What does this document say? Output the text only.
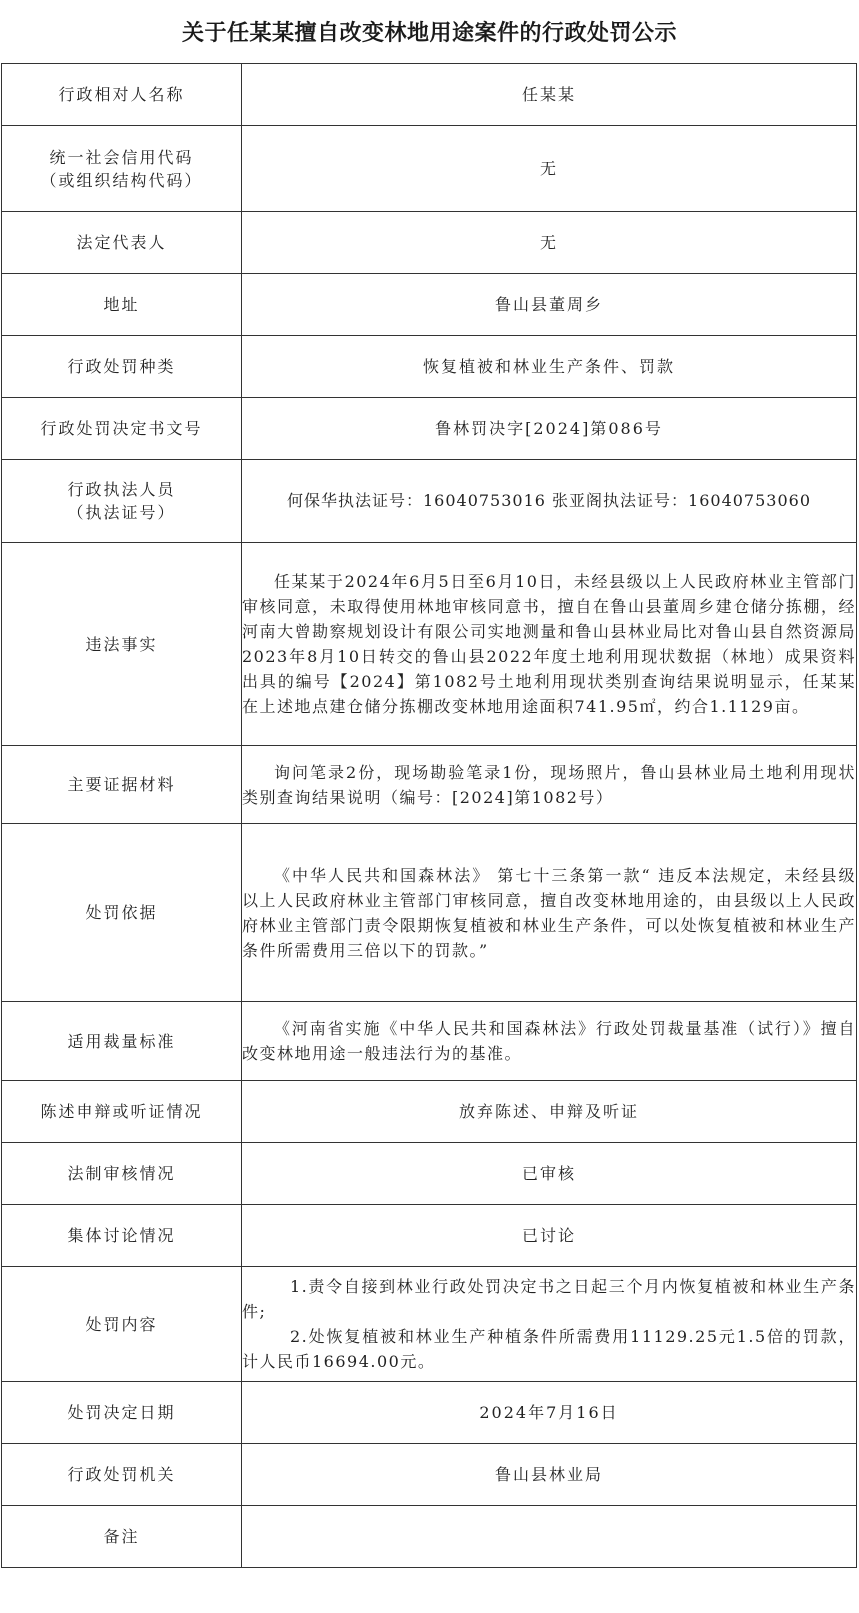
关于任某某擅自改变林地用途案件的行政处罚公示
行政相对人名称	任某某

统一社会信用代码
（或组织结构代码）	无
法定代表人	无
地址	鲁山县董周乡
行政处罚种类	恢复植被和林业生产条件、罚款
行政处罚决定书文号	鲁林罚决字[2024]第086号

行政执法人员
（执法证号）	何保华执法证号：16040753016 张亚阁执法证号：16040753060
违法事实	任某某于2024年6月5日至6月10日，未经县级以上人民政府林业主管部门审核同意，未取得使用林地审核同意书，擅自在鲁山县董周乡建仓储分拣棚，经河南大曾勘察规划设计有限公司实地测量和鲁山县林业局比对鲁山县自然资源局2023年8月10日转交的鲁山县2022年度土地利用现状数据（林地）成果资料出具的编号【2024】第1082号土地利用现状类别查询结果说明显示，任某某在上述地点建仓储分拣棚改变林地用途面积741.95㎡，约合1.1129亩。

主要证据材料	询问笔录2份，现场勘验笔录1份，现场照片，鲁山县林业局土地利用现状类别查询结果说明（编号：[2024]第1082号）

处罚依据	《中华人民共和国森林法》 第七十三条第一款“ 违反本法规定，未经县级以上人民政府林业主管部门审核同意，擅自改变林地用途的，由县级以上人民政府林业主管部门责令限期恢复植被和林业生产条件，可以处恢复植被和林业生产条件所需费用三倍以下的罚款。”

适用裁量标准	《河南省实施《中华人民共和国森林法》行政处罚裁量基准（试行）》擅自改变林地用途一般违法行为的基准。

陈述申辩或听证情况	放弃陈述、申辩及听证
法制审核情况	已审核
集体讨论情况	已讨论
处罚内容	1.责令自接到林业行政处罚决定书之日起三个月内恢复植被和林业生产条件;
2.处恢复植被和林业生产种植条件所需费用11129.25元1.5倍的罚款，计人民币16694.00元。

处罚决定日期	2024年7月16日
行政处罚机关	鲁山县林业局
备注	
